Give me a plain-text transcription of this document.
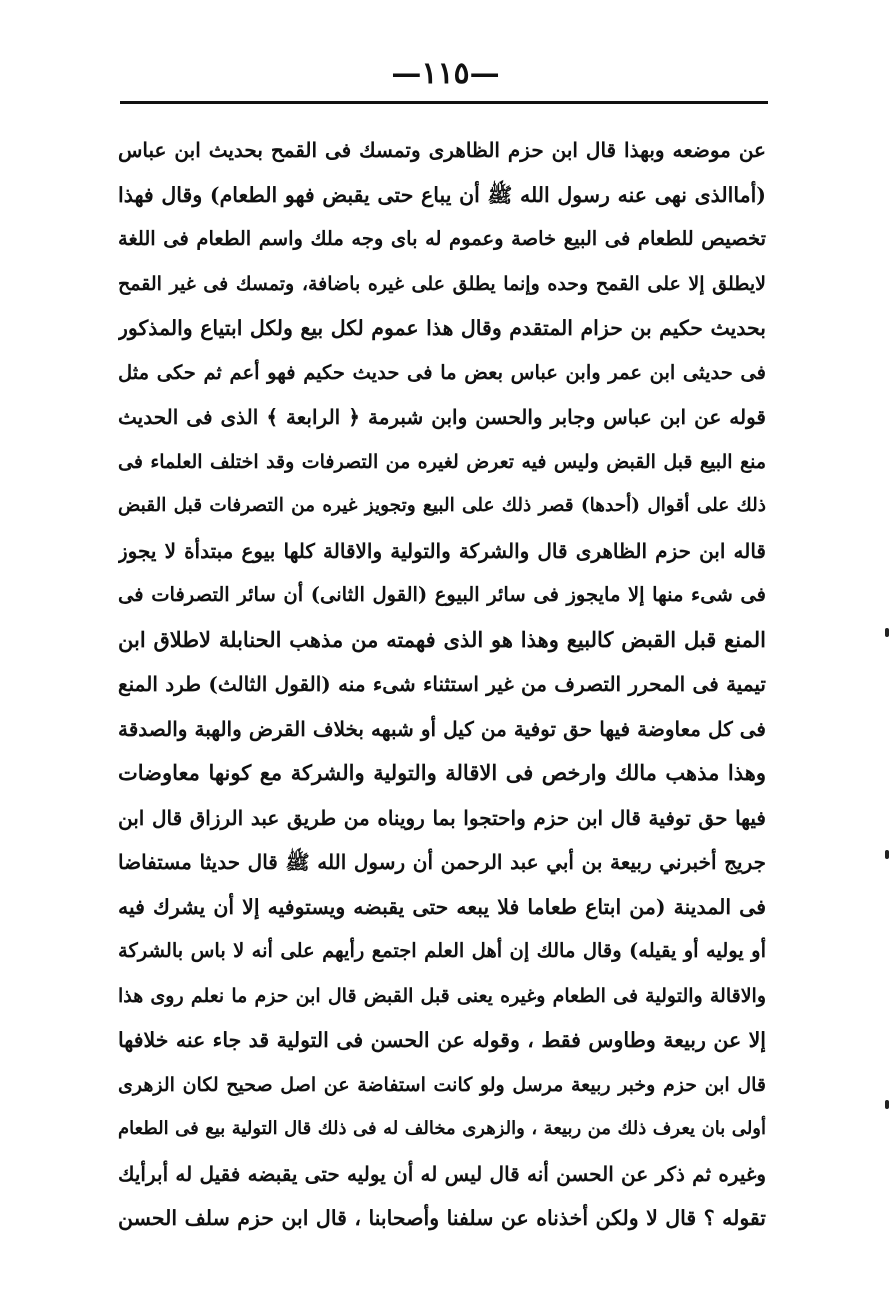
—١١٥—
عن موضعه وبهذا قال ابن حزم الظاهرى وتمسك فى القمح بحديث ابن عباس
(أماالذى نهى عنه رسول الله ﷺ أن يباع حتى يقبض فهو الطعام) وقال فهذا
تخصيص للطعام فى البيع خاصة وعموم له باى وجه ملك واسم الطعام فى اللغة
لايطلق إلا على القمح وحده وإنما يطلق على غيره باضافة، وتمسك فى غير القمح
بحديث حكيم بن حزام المتقدم وقال هذا عموم لكل بيع ولكل ابتياع والمذكور
فى حديثى ابن عمر وابن عباس بعض ما فى حديث حكيم فهو أعم ثم حكى مثل
قوله عن ابن عباس وجابر والحسن وابن شبرمة ﴿ الرابعة ﴾ الذى فى الحديث
منع البيع قبل القبض وليس فيه تعرض لغيره من التصرفات وقد اختلف العلماء فى
ذلك على أقوال (أحدها) قصر ذلك على البيع وتجويز غيره من التصرفات قبل القبض
قاله ابن حزم الظاهرى قال والشركة والتولية والاقالة كلها بيوع مبتدأة لا يجوز
فى شىء منها إلا مايجوز فى سائر البيوع (القول الثانى) أن سائر التصرفات فى
المنع قبل القبض كالبيع وهذا هو الذى فهمته من مذهب الحنابلة لاطلاق ابن
تيمية فى المحرر التصرف من غير استثناء شىء منه (القول الثالث) طرد المنع
فى كل معاوضة فيها حق توفية من كيل أو شبهه بخلاف القرض والهبة والصدقة
وهذا مذهب مالك وارخص فى الاقالة والتولية والشركة مع كونها معاوضات
فيها حق توفية قال ابن حزم واحتجوا بما رويناه من طريق عبد الرزاق قال ابن
جريج أخبرني ربيعة بن أبي عبد الرحمن أن رسول الله ﷺ قال حديثا مستفاضا
فى المدينة (من ابتاع طعاما فلا يبعه حتى يقبضه ويستوفيه إلا أن يشرك فيه
أو يوليه أو يقيله) وقال مالك إن أهل العلم اجتمع رأيهم على أنه لا باس بالشركة
والاقالة والتولية فى الطعام وغيره يعنى قبل القبض قال ابن حزم ما نعلم روى هذا
إلا عن ربيعة وطاوس فقط ، وقوله عن الحسن فى التولية قد جاء عنه خلافها
قال ابن حزم وخبر ربيعة مرسل ولو كانت استفاضة عن اصل صحيح لكان الزهرى
أولى بان يعرف ذلك من ربيعة ، والزهرى مخالف له فى ذلك قال التولية بيع فى الطعام
وغيره ثم ذكر عن الحسن أنه قال ليس له أن يوليه حتى يقبضه فقيل له أبرأيك
تقوله ؟ قال لا ولكن أخذناه عن سلفنا وأصحابنا ، قال ابن حزم سلف الحسن
